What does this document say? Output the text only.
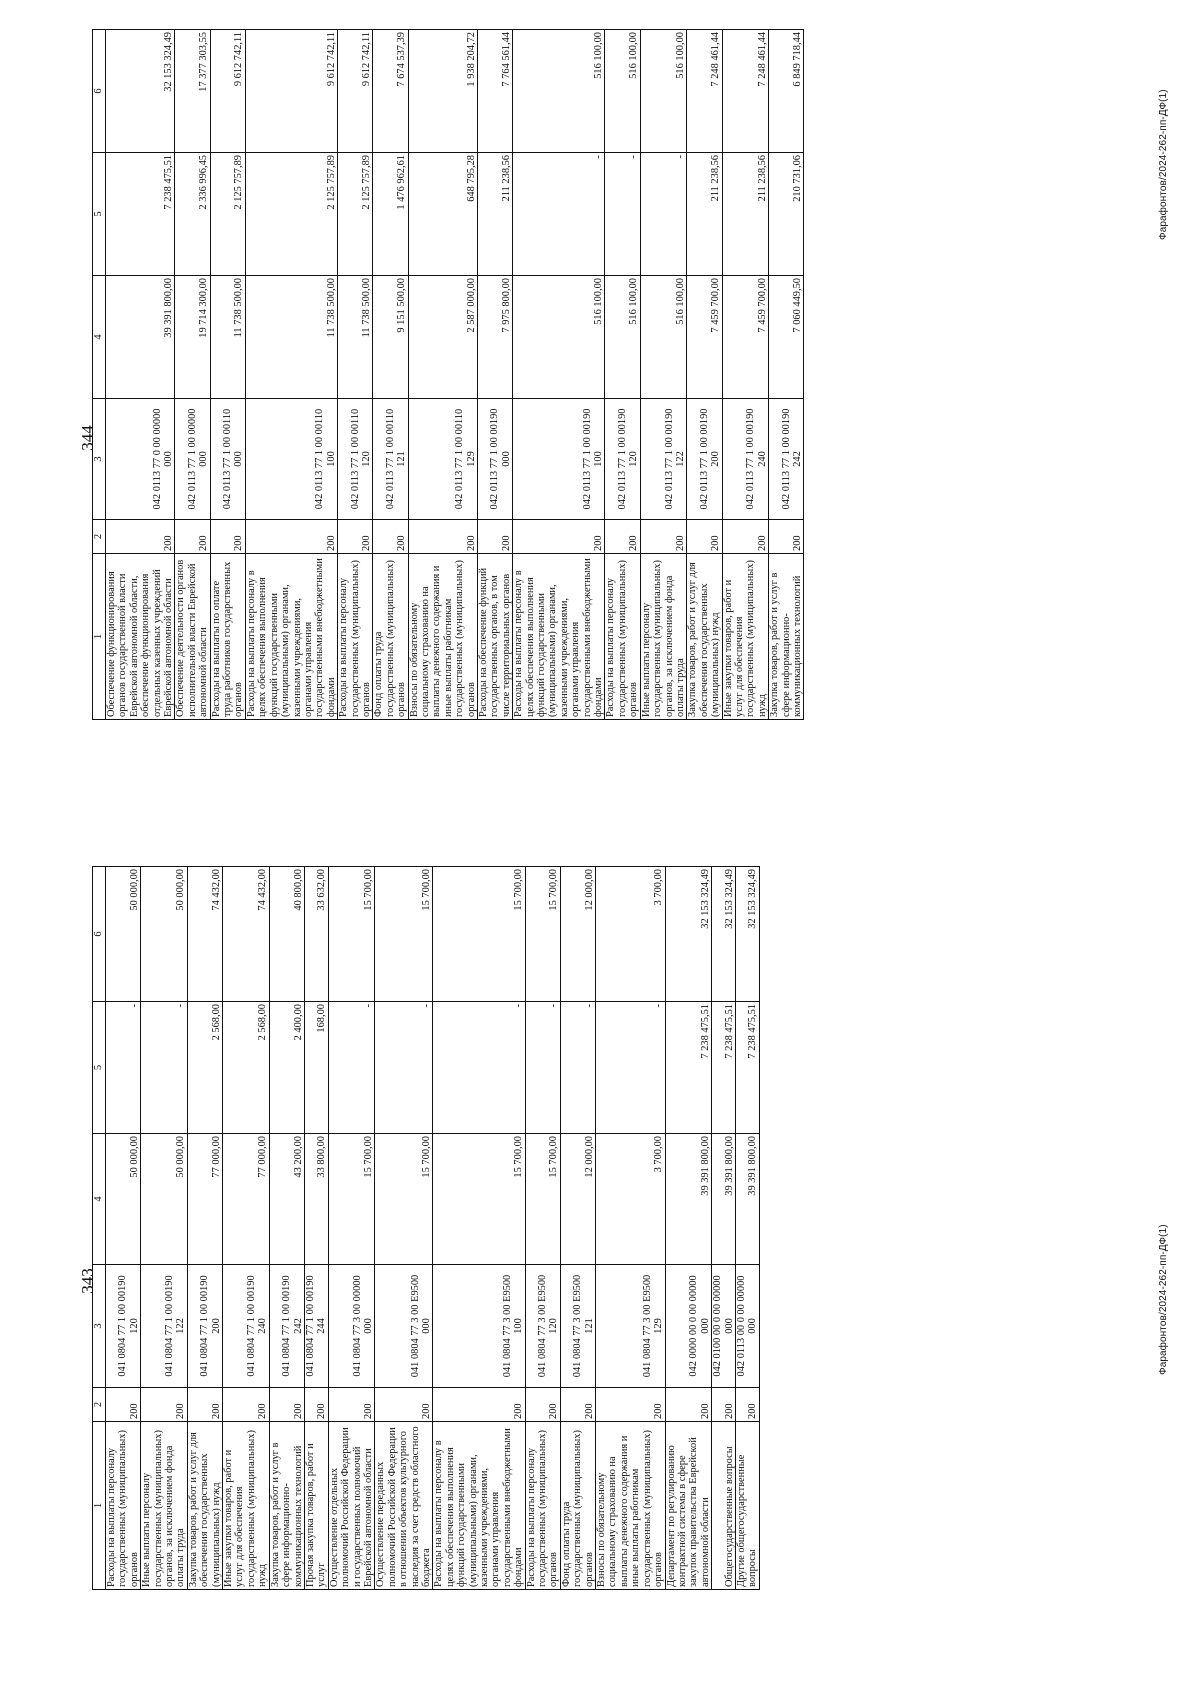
343
1	2	3	4	5	6
Расходы на выплаты персоналу государственных (муниципальных) органов	200	041 0804 77 1 00 00190 120	50 000,00	-	50 000,00
Иные выплаты персоналу государственных (муниципальных) органов, за исключением фонда оплаты труда	200	041 0804 77 1 00 00190 122	50 000,00	-	50 000,00
Закупка товаров, работ и услуг для обеспечения государственных (муниципальных) нужд	200	041 0804 77 1 00 00190 200	77 000,00	2 568,00	74 432,00
Иные закупки товаров, работ и услуг для обеспечения государственных (муниципальных) нужд	200	041 0804 77 1 00 00190 240	77 000,00	2 568,00	74 432,00
Закупка товаров, работ и услуг в сфере информационно-коммуникационных технологий	200	041 0804 77 1 00 00190 242	43 200,00	2 400,00	40 800,00
Прочая закупка товаров, работ и услуг	200	041 0804 77 1 00 00190 244	33 800,00	168,00	33 632,00
Осуществление отдельных полномочий Российской Федерации и государственных полномочий Еврейской автономной области	200	041 0804 77 3 00 00000 000	15 700,00	-	15 700,00
Осуществление переданных полномочий Российской Федерации в отношении объектов культурного наследия за счет средств областного бюджета	200	041 0804 77 3 00 Е9500 000	15 700,00	-	15 700,00
Расходы на выплаты персоналу в целях обеспечения выполнения функций государственными (муниципальными) органами, казенными учреждениями, органами управления государственными внебюджетными фондами	200	041 0804 77 3 00 Е9500 100	15 700,00	-	15 700,00
Расходы на выплаты персоналу государственных (муниципальных) органов	200	041 0804 77 3 00 Е9500 120	15 700,00	-	15 700,00
Фонд оплаты труда государственных (муниципальных) органов	200	041 0804 77 3 00 Е9500 121	12 000,00	-	12 000,00
Взносы по обязательному социальному страхованию на выплаты денежного содержания и иные выплаты работникам государственных (муниципальных) органов	200	041 0804 77 3 00 Е9500 129	3 700,00	-	3 700,00
Департамент по регулированию контрактной системы в сфере закупок правительства Еврейской автономной области	200	042 0000 00 0 00 00000 000	39 391 800,00	7 238 475,51	32 153 324,49
Общегосударственные вопросы	200	042 0100 00 0 00 00000 000	39 391 800,00	7 238 475,51	32 153 324,49
Другие общегосударственные вопросы	200	042 0113 00 0 00 00000 000	39 391 800,00	7 238 475,51	32 153 324,49
Фарафонтов/2024-262-пп-ДФ(1)
344
1	2	3	4	5	6
Обеспечение функционирования органов государственной власти Еврейской автономной области, обеспечение функционирования отдельных казенных учреждений Еврейской автономной области	200	042 0113 77 0 00 00000 000	39 391 800,00	7 238 475,51	32 153 324,49
Обеспечение деятельности органов исполнительной власти Еврейской автономной области	200	042 0113 77 1 00 00000 000	19 714 300,00	2 336 996,45	17 377 303,55
Расходы на выплаты по оплате труда работников государственных органов	200	042 0113 77 1 00 00110 000	11 738 500,00	2 125 757,89	9 612 742,11
Расходы на выплаты персоналу в целях обеспечения выполнения функций государственными (муниципальными) органами, казенными учреждениями, органами управления государственными внебюджетными фондами	200	042 0113 77 1 00 00110 100	11 738 500,00	2 125 757,89	9 612 742,11
Расходы на выплаты персоналу государственных (муниципальных) органов	200	042 0113 77 1 00 00110 120	11 738 500,00	2 125 757,89	9 612 742,11
Фонд оплаты труда государственных (муниципальных) органов	200	042 0113 77 1 00 00110 121	9 151 500,00	1 476 962,61	7 674 537,39
Взносы по обязательному социальному страхованию на выплаты денежного содержания и иные выплаты работникам государственных (муниципальных) органов	200	042 0113 77 1 00 00110 129	2 587 000,00	648 795,28	1 938 204,72
Расходы на обеспечение функций государственных органов, в том числе территориальных органов	200	042 0113 77 1 00 00190 000	7 975 800,00	211 238,56	7 764 561,44
Расходы на выплаты персоналу в целях обеспечения выполнения функций государственными (муниципальными) органами, казенными учреждениями, органами управления государственными внебюджетными фондами	200	042 0113 77 1 00 00190 100	516 100,00	-	516 100,00
Расходы на выплаты персоналу государственных (муниципальных) органов	200	042 0113 77 1 00 00190 120	516 100,00	-	516 100,00
Иные выплаты персоналу государственных (муниципальных) органов, за исключением фонда оплаты труда	200	042 0113 77 1 00 00190 122	516 100,00	-	516 100,00
Закупка товаров, работ и услуг для обеспечения государственных (муниципальных) нужд	200	042 0113 77 1 00 00190 200	7 459 700,00	211 238,56	7 248 461,44
Иные закупки товаров, работ и услуг для обеспечения государственных (муниципальных) нужд	200	042 0113 77 1 00 00190 240	7 459 700,00	211 238,56	7 248 461,44
Закупка товаров, работ и услуг в сфере информационно-коммуникационных технологий	200	042 0113 77 1 00 00190 242	7 060 449,50	210 731,06	6 849 718,44
Фарафонтов/2024-262-пп-ДФ(1)
